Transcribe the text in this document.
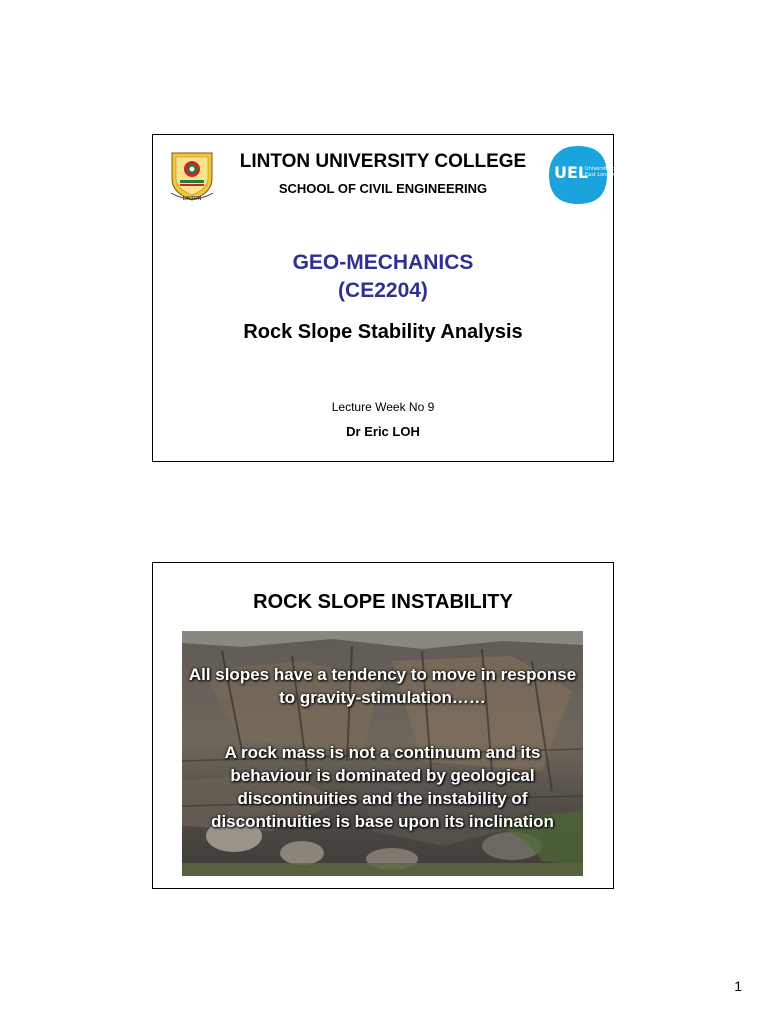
LINTON
LINTON UNIVERSITY COLLEGE
SCHOOL OF CIVIL ENGINEERING
UEL
University of
East London
GEO-MECHANICS
(CE2204)
Rock Slope Stability Analysis
Lecture Week No 9
Dr Eric LOH
ROCK SLOPE INSTABILITY
All slopes have a tendency to move in response to gravity-stimulation……
A rock mass is not a continuum and its behaviour is dominated by geological discontinuities and the instability of discontinuities is base upon its inclination
1
